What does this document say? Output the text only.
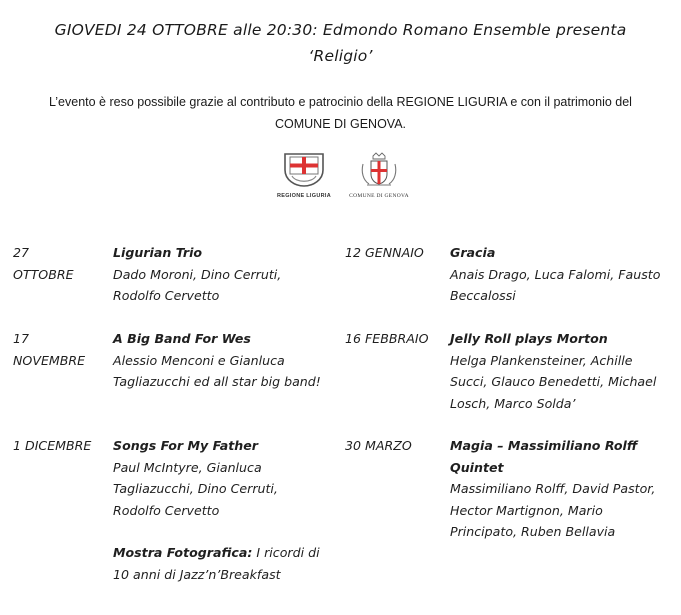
GIOVEDI 24 OTTOBRE alle 20:30: Edmondo Romano Ensemble presenta
‘Religio’
L’evento è reso possibile grazie al contributo e patrocinio della REGIONE LIGURIA e con il patrimonio del
COMUNE DI GENOVA.
REGIONE LIGURIA	COMUNE DI GENOVA
27
OTTOBRE
Ligurian Trio
Dado Moroni, Dino Cerruti,
Rodolfo Cervetto
17
NOVEMBRE
A Big Band For Wes
Alessio Menconi e Gianluca
Tagliazucchi ed all star big band!
1 DICEMBRE Songs For My Father
Paul McIntyre, Gianluca
Tagliazucchi, Dino Cerruti,
Rodolfo Cervetto
Mostra Fotografica: I ricordi di
10 anni di Jazz’n’Breakfast
12 GENNAIO Gracia
Anais Drago, Luca Falomi, Fausto
Beccalossi
16 FEBBRAIO Jelly Roll plays Morton
Helga Plankensteiner, Achille
Succi, Glauco Benedetti, Michael
Losch, Marco Solda’
30 MARZO	Magia – Massimiliano Rolff
Quintet
Massimiliano Rolff, David Pastor,
Hector Martignon, Mario
Principato, Ruben Bellavia
